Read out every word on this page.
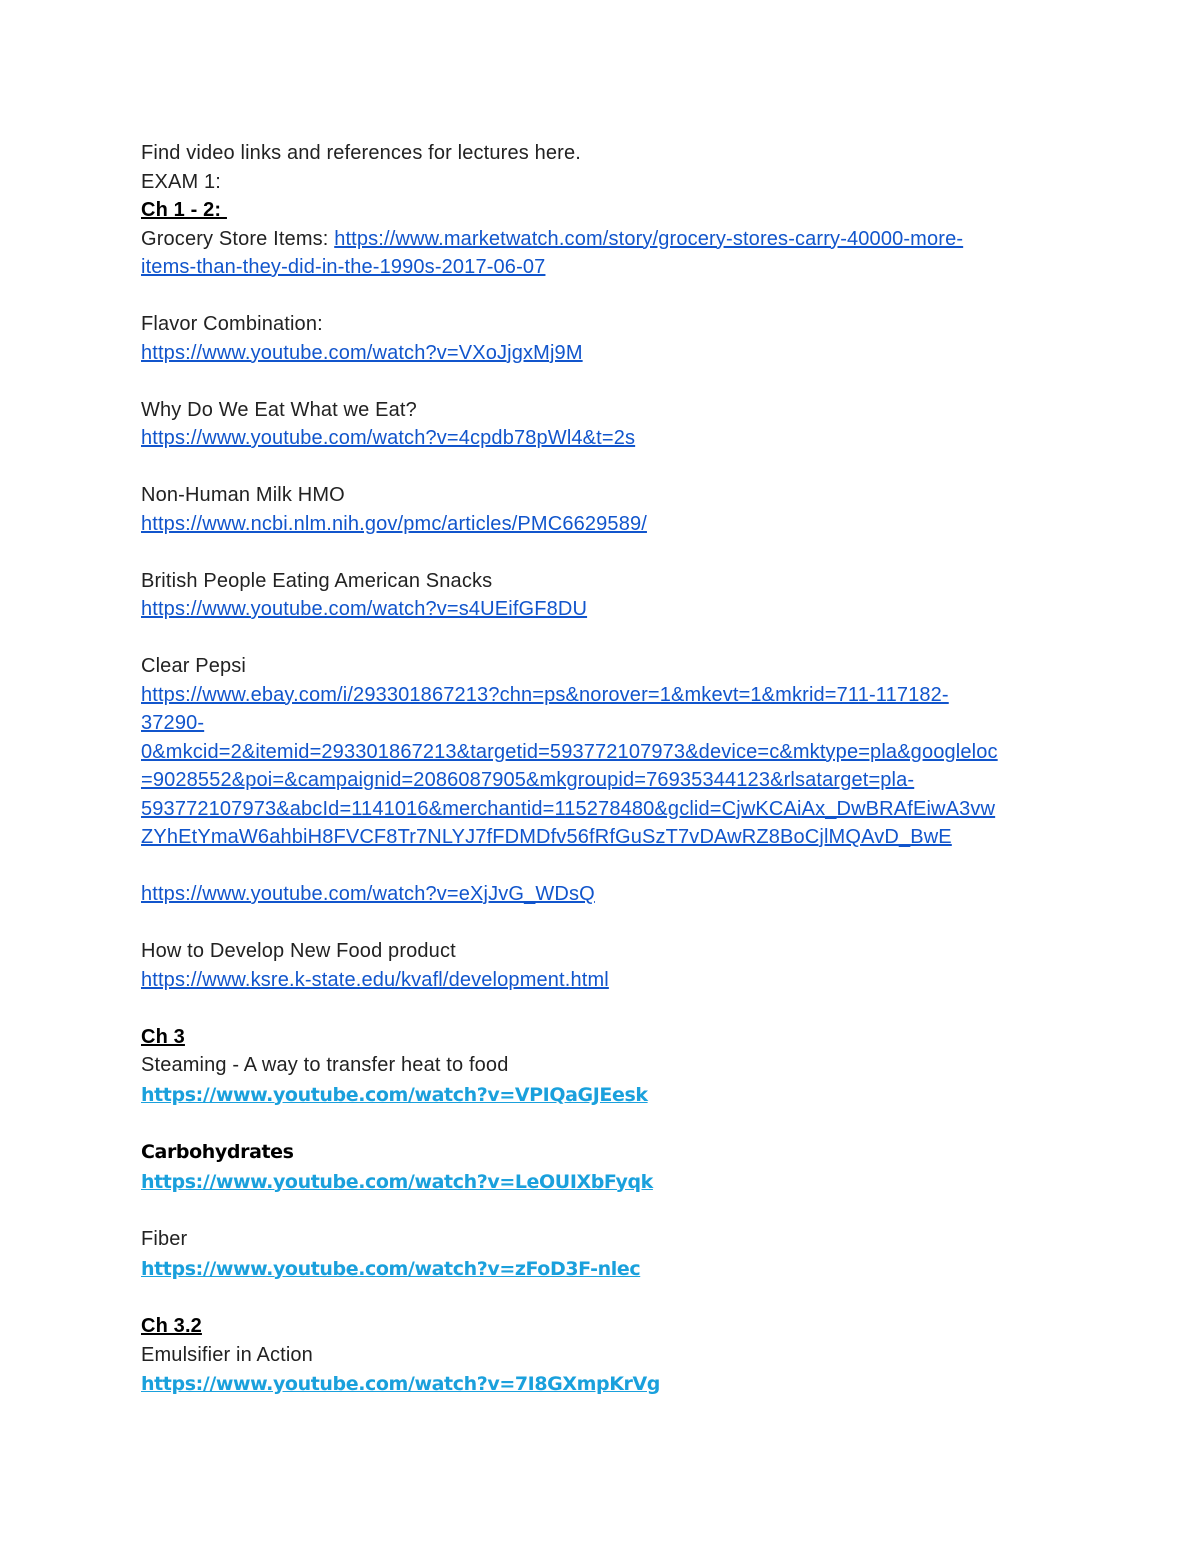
Find video links and references for lectures here.
EXAM 1:
Ch 1 - 2:
Grocery Store Items: https://www.marketwatch.com/story/grocery-stores-carry-40000-more-
items-than-they-did-in-the-1990s-2017-06-07
Flavor Combination:
https://www.youtube.com/watch?v=VXoJjgxMj9M
Why Do We Eat What we Eat?
https://www.youtube.com/watch?v=4cpdb78pWl4&t=2s
Non-Human Milk HMO
https://www.ncbi.nlm.nih.gov/pmc/articles/PMC6629589/
British People Eating American Snacks
https://www.youtube.com/watch?v=s4UEifGF8DU
Clear Pepsi
https://www.ebay.com/i/293301867213?chn=ps&norover=1&mkevt=1&mkrid=711-117182-
37290-
0&mkcid=2&itemid=293301867213&targetid=593772107973&device=c&mktype=pla&googleloc
=9028552&poi=&campaignid=2086087905&mkgroupid=76935344123&rlsatarget=pla-
593772107973&abcId=1141016&merchantid=115278480&gclid=CjwKCAiAx_DwBRAfEiwA3vw
ZYhEtYmaW6ahbiH8FVCF8Tr7NLYJ7fFDMDfv56fRfGuSzT7vDAwRZ8BoCjlMQAvD_BwE
https://www.youtube.com/watch?v=eXjJvG_WDsQ
How to Develop New Food product
https://www.ksre.k-state.edu/kvafl/development.html
Ch 3
Steaming - A way to transfer heat to food
https://www.youtube.com/watch?v=VPIQaGJEesk
Carbohydrates
https://www.youtube.com/watch?v=LeOUIXbFyqk
Fiber
https://www.youtube.com/watch?v=zFoD3F-nlec
Ch 3.2
Emulsifier in Action
https://www.youtube.com/watch?v=7I8GXmpKrVg
